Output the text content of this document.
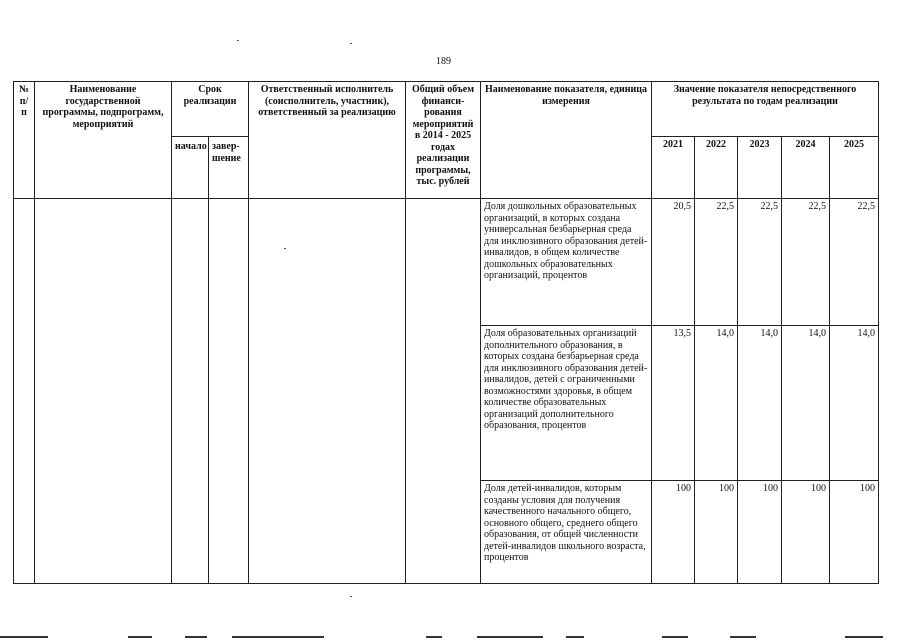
189
№ п/п	Наименование государственной программы, подпрограмм, мероприятий	Срок реализации		Ответственный исполнитель (соисполнитель, участник), ответственный за реализацию	Общий объем финанси-рования мероприятий в 2014 - 2025 годах реализации программы, тыс. рублей	Наименование показателя, единица измерения	Значение показателя непосредственного результата по годам реализации				
		начало	завер-шение				2021	2022	2023	2024	2025
						Доля дошкольных образовательных организаций, в которых создана универсальная безбарьерная среда для инклюзивного образования детей-инвалидов, в общем количестве дошкольных образовательных организаций, процентов	20,5	22,5	22,5	22,5	22,5
						Доля образовательных организаций дополнительного образования, в которых создана безбарьерная среда для инклюзивного образования детей-инвалидов, детей с ограниченными возможностями здоровья, в общем количестве образовательных организаций дополнительного образования, процентов	13,5	14,0	14,0	14,0	14,0
						Доля детей-инвалидов, которым созданы условия для получения качественного начального общего, основного общего, среднего общего образования, от общей численности детей-инвалидов школьного возраста, процентов	100	100	100	100	100
